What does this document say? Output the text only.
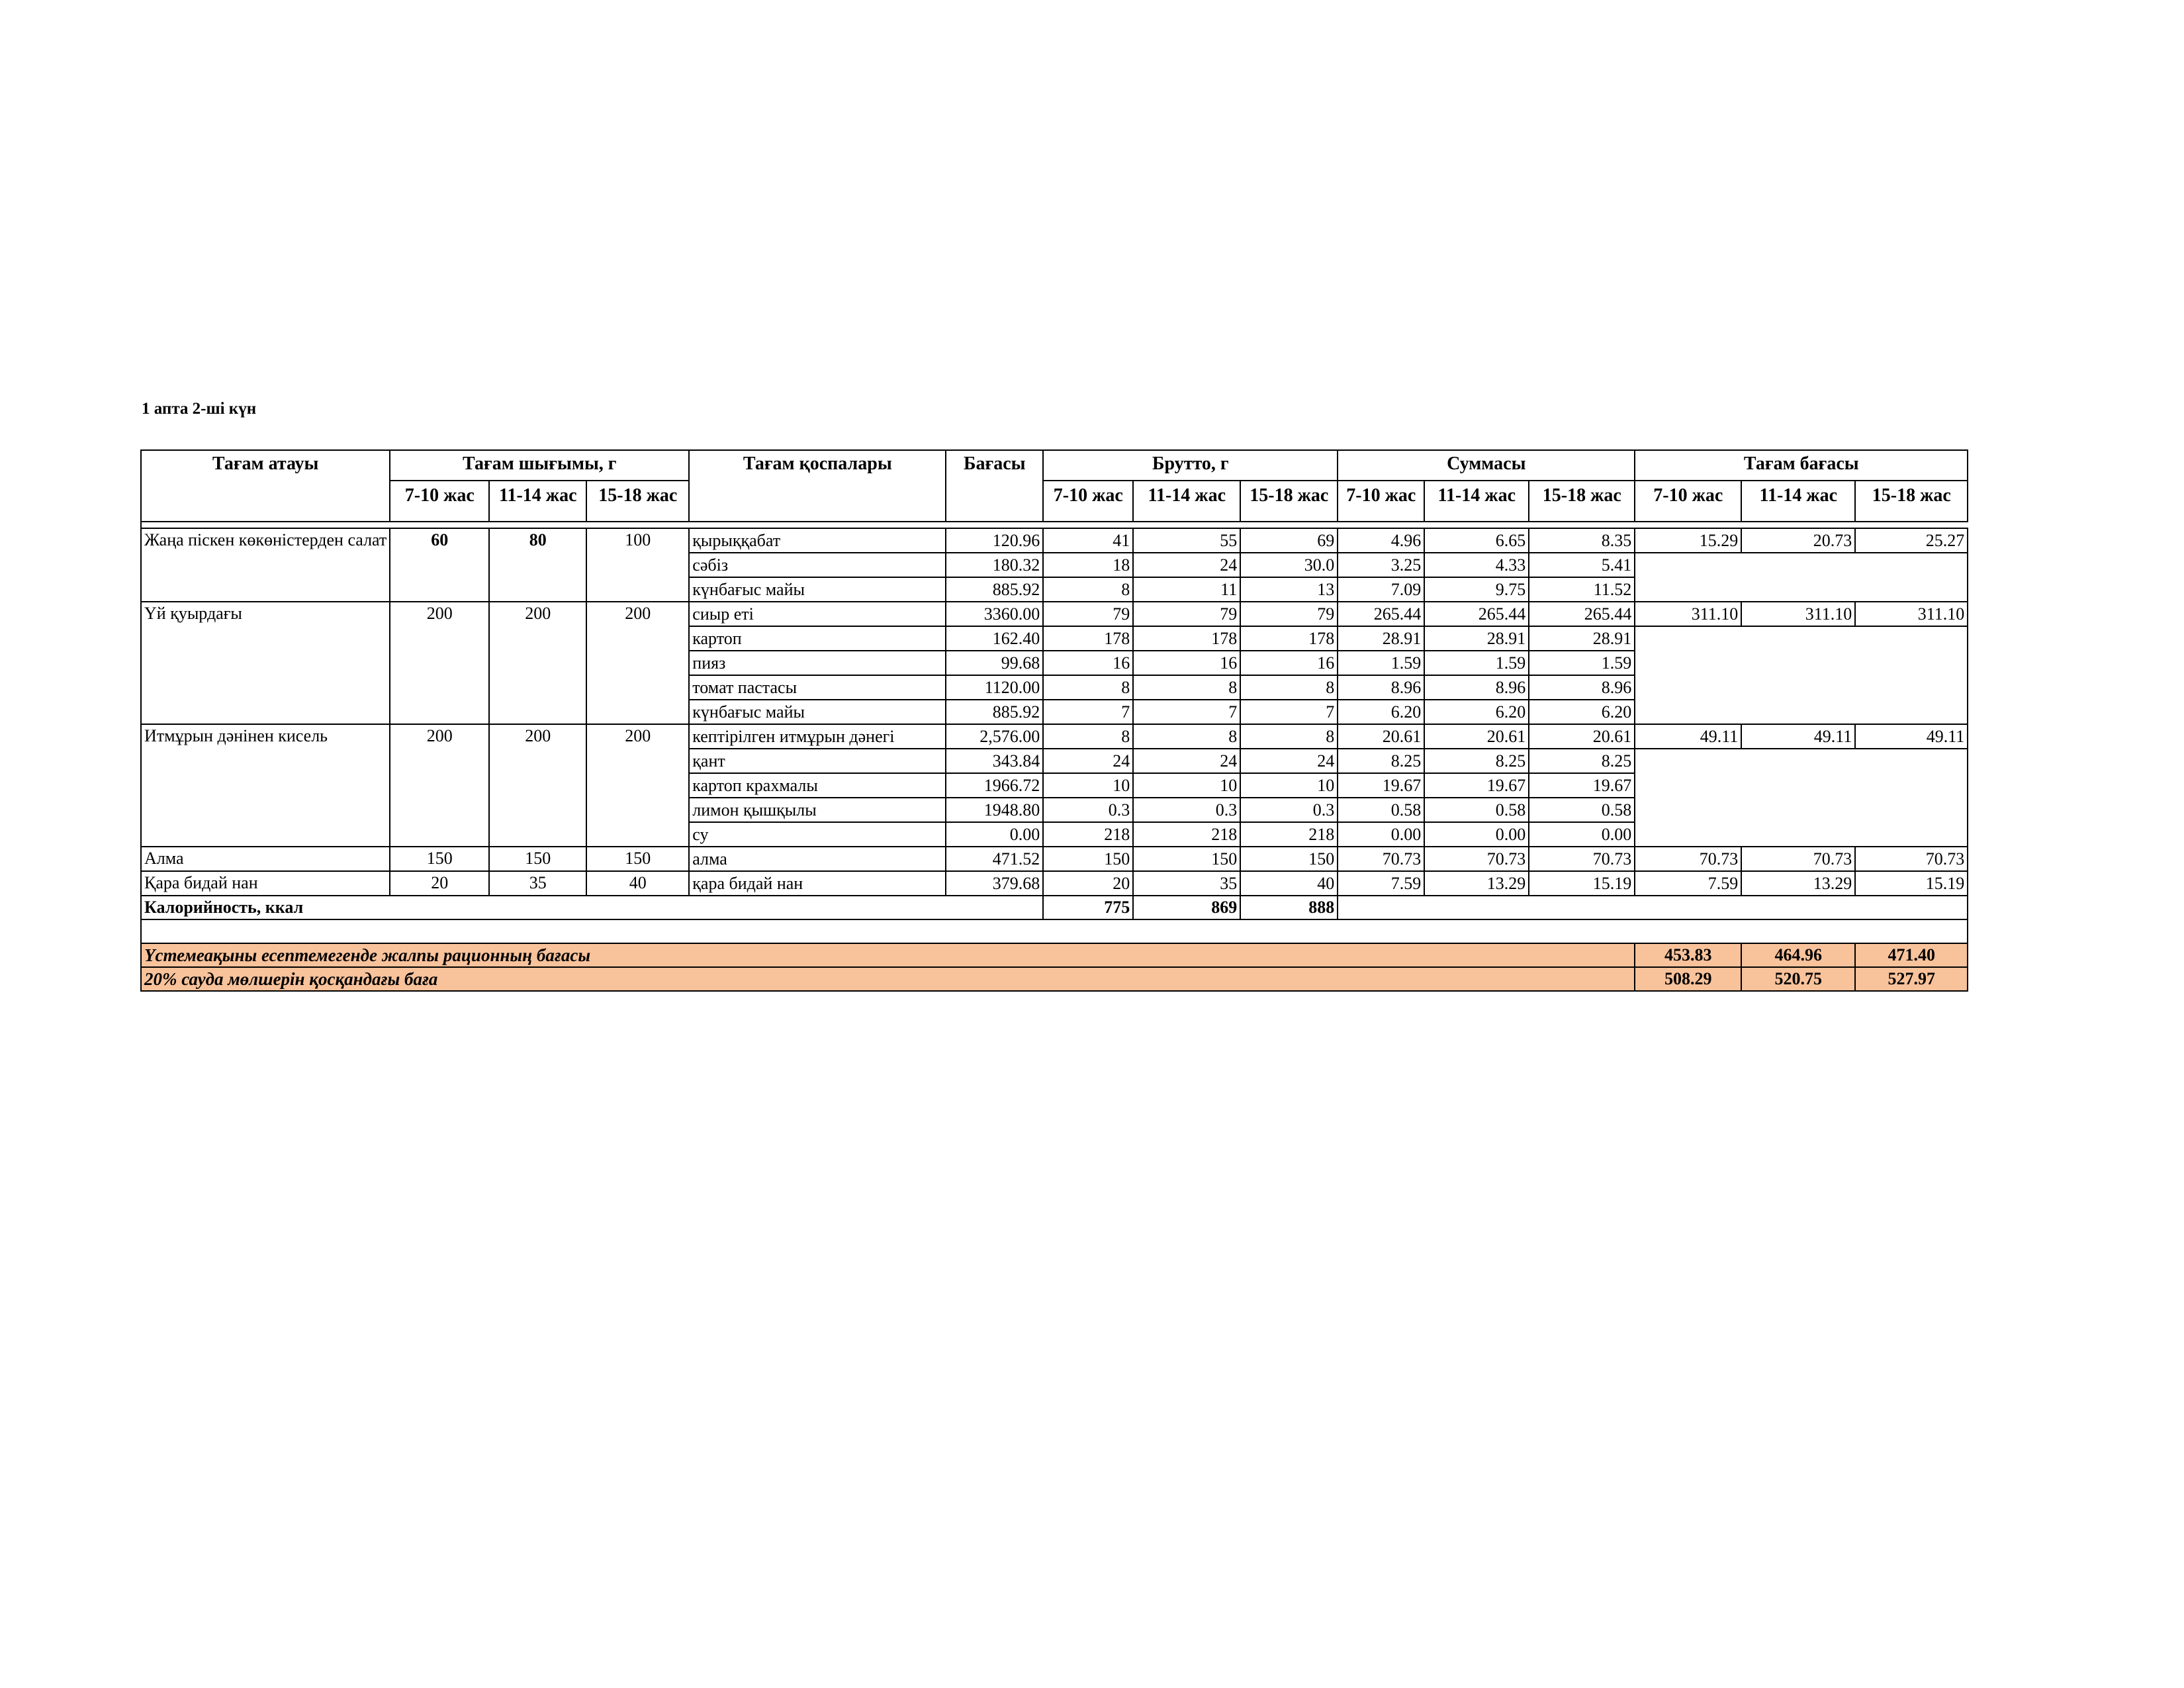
1 апта 2-ші күн
Тағам атауы	Тағам шығымы, г			Тағам қоспалары	Бағасы	Брутто, г			Суммасы			Тағам бағасы		
	7-10 жас	11-14 жас	15-18 жас			7-10 жас	11-14 жас	15-18 жас	7-10 жас	11-14 жас	15-18 жас	7-10 жас	11-14 жас	15-18 жас

Жаңа піскен көкөністерден салат	60	80	100	қырыққабат	120.96	41	55	69	4.96	6.65	8.35	15.29	20.73	25.27
				сәбіз	180.32	18	24	30.0	3.25	4.33	5.41			
				күнбағыс майы	885.92	8	11	13	7.09	9.75	11.52			
Үй қуырдағы	200	200	200	сиыр еті	3360.00	79	79	79	265.44	265.44	265.44	311.10	311.10	311.10
				картоп	162.40	178	178	178	28.91	28.91	28.91			
				пияз	99.68	16	16	16	1.59	1.59	1.59			
				томат пастасы	1120.00	8	8	8	8.96	8.96	8.96			
				күнбағыс майы	885.92	7	7	7	6.20	6.20	6.20			
Итмұрын дәнінен кисель	200	200	200	кептірілген итмұрын дәнегі	2,576.00	8	8	8	20.61	20.61	20.61	49.11	49.11	49.11
				қант	343.84	24	24	24	8.25	8.25	8.25			
				картоп крахмалы	1966.72	10	10	10	19.67	19.67	19.67			
				лимон қышқылы	1948.80	0.3	0.3	0.3	0.58	0.58	0.58			
				су	0.00	218	218	218	0.00	0.00	0.00			
Алма	150	150	150	алма	471.52	150	150	150	70.73	70.73	70.73	70.73	70.73	70.73
Қара бидай нан	20	35	40	қара бидай нан	379.68	20	35	40	7.59	13.29	15.19	7.59	13.29	15.19
Калорийность, ккал						775	869	888						

Үстемеақыны есептемегенде жалпы рационның бағасы												453.83	464.96	471.40
20% сауда мөлшерін қосқандағы баға												508.29	520.75	527.97
